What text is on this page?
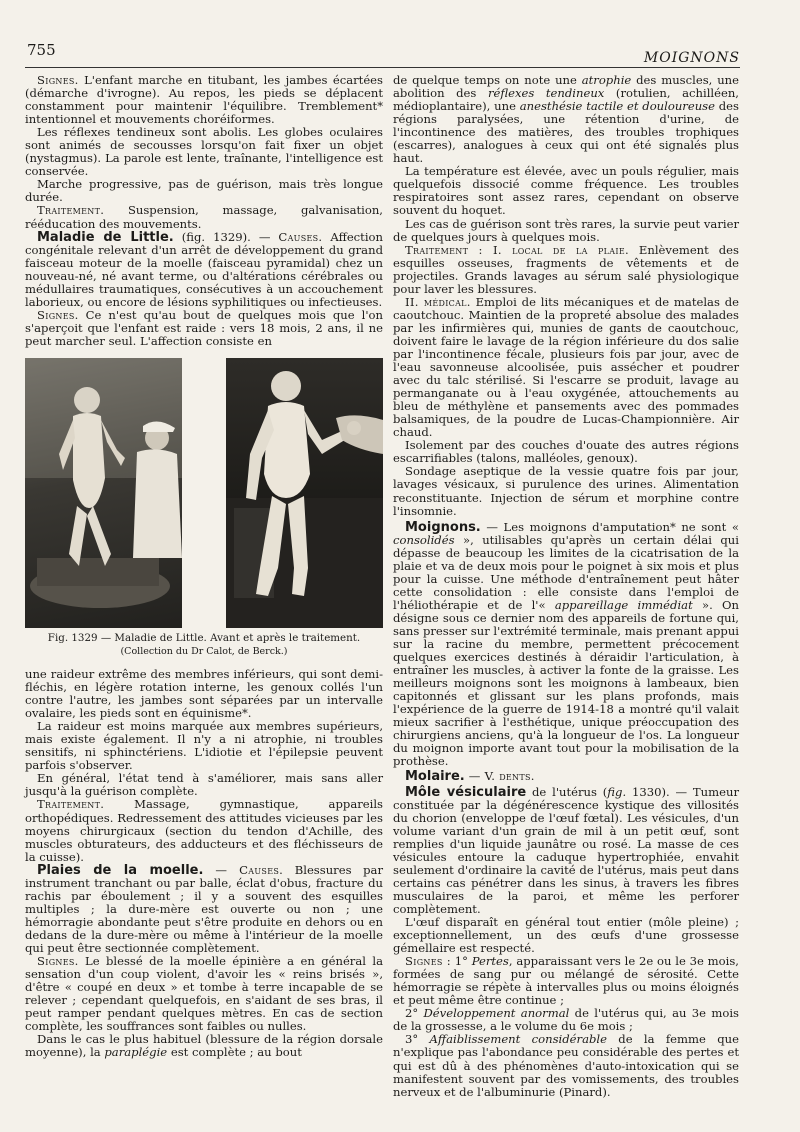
755	MOIGNONS

Signes. L'enfant marche en titubant, les jambes écartées (démarche d'ivrogne). Au repos, les pieds se déplacent constamment pour maintenir l'équilibre. Tremblement* intentionnel et mouvements choréiformes.

Les réflexes tendineux sont abolis. Les globes oculaires sont animés de secousses lorsqu'on fait fixer un objet (nystagmus). La parole est lente, traînante, l'intelligence est conservée.

Marche progressive, pas de guérison, mais très longue durée.

Traitement. Suspension, massage, galvanisation, rééducation des mouvements.

Maladie de Little. (fig. 1329). — Causes. Affection congénitale relevant d'un arrêt de développement du grand faisceau moteur de la moelle (faisceau pyramidal) chez un nouveau-né, né avant terme, ou d'altérations cérébrales ou médullaires traumatiques, consécutives à un accouchement laborieux, ou encore de lésions syphilitiques ou infectieuses.

Signes. Ce n'est qu'au bout de quelques mois que l'on s'aperçoit que l'enfant est raide : vers 18 mois, 2 ans, il ne peut marcher seul. L'affection consiste en

Fig. 1329 — Maladie de Little. Avant et après le traitement.
(Collection du Dr Calot, de Berck.)

une raideur extrême des membres inférieurs, qui sont demi-fléchis, en légère rotation interne, les genoux collés l'un contre l'autre, les jambes sont séparées par un intervalle ovalaire, les pieds sont en équinisme*.

La raideur est moins marquée aux membres supérieurs, mais existe également. Il n'y a ni atrophie, ni troubles sensitifs, ni sphinctériens. L'idiotie et l'épilepsie peuvent parfois s'observer.

En général, l'état tend à s'améliorer, mais sans aller jusqu'à la guérison complète.

Traitement. Massage, gymnastique, appareils orthopédiques. Redressement des attitudes vicieuses par les moyens chirurgicaux (section du tendon d'Achille, des muscles obturateurs, des adducteurs et des fléchisseurs de la cuisse).

Plaies de la moelle. — Causes. Blessures par instrument tranchant ou par balle, éclat d'obus, fracture du rachis par éboulement ; il y a souvent des esquilles multiples ; la dure-mère est ouverte ou non ; une hémorragie abondante peut s'être produite en dehors ou en dedans de la dure-mère ou même à l'intérieur de la moelle qui peut être sectionnée complètement.

Signes. Le blessé de la moelle épinière a en général la sensation d'un coup violent, d'avoir les « reins brisés », d'être « coupé en deux » et tombe à terre incapable de se relever ; cependant quelquefois, en s'aidant de ses bras, il peut ramper pendant quelques mètres. En cas de section complète, les souffrances sont faibles ou nulles.

Dans le cas le plus habituel (blessure de la région dorsale moyenne), la paraplégie est complète ; au bout

de quelque temps on note une atrophie des muscles, une abolition des réflexes tendineux (rotulien, achilléen, médioplantaire), une anesthésie tactile et douloureuse des régions paralysées, une rétention d'urine, de l'incontinence des matières, des troubles trophiques (escarres), analogues à ceux qui ont été signalés plus haut.

La température est élevée, avec un pouls régulier, mais quelquefois dissocié comme fréquence. Les troubles respiratoires sont assez rares, cependant on observe souvent du hoquet.

Les cas de guérison sont très rares, la survie peut varier de quelques jours à quelques mois.

Traitement : I. local de la plaie. Enlèvement des esquilles osseuses, fragments de vêtements et de projectiles. Grands lavages au sérum salé physiologique pour laver les blessures.

II. médical. Emploi de lits mécaniques et de matelas de caoutchouc. Maintien de la propreté absolue des malades par les infirmières qui, munies de gants de caoutchouc, doivent faire le lavage de la région inférieure du dos salie par l'incontinence fécale, plusieurs fois par jour, avec de l'eau savonneuse alcoolisée, puis assécher et poudrer avec du talc stérilisé. Si l'escarre se produit, lavage au permanganate ou à l'eau oxygénée, attouchements au bleu de méthylène et pansements avec des pommades balsamiques, de la poudre de Lucas-Championnière. Air chaud.

Isolement par des couches d'ouate des autres régions escarrifiables (talons, malléoles, genoux).

Sondage aseptique de la vessie quatre fois par jour, lavages vésicaux, si purulence des urines. Alimentation reconstituante. Injection de sérum et morphine contre l'insomnie.

Moignons. — Les moignons d'amputation* ne sont « consolidés », utilisables qu'après un certain délai qui dépasse de beaucoup les limites de la cicatrisation de la plaie et va de deux mois pour le poignet à six mois et plus pour la cuisse. Une méthode d'entraînement peut hâter cette consolidation : elle consiste dans l'emploi de l'héliothérapie et de l'« appareillage immédiat ». On désigne sous ce dernier nom des appareils de fortune qui, sans presser sur l'extrémité terminale, mais prenant appui sur la racine du membre, permettent précocement quelques exercices destinés à déraidir l'articulation, à entraîner les muscles, à activer la fonte de la graisse. Les meilleurs moignons sont les moignons à lambeaux, bien capitonnés et glissant sur les plans profonds, mais l'expérience de la guerre de 1914-18 a montré qu'il valait mieux sacrifier à l'esthétique, unique préoccupation des chirurgiens anciens, qu'à la longueur de l'os. La longueur du moignon importe avant tout pour la mobilisation de la prothèse.

Molaire. — V. dents.

Môle vésiculaire de l'utérus (fig. 1330). — Tumeur constituée par la dégénérescence kystique des villosités du chorion (enveloppe de l'œuf fœtal). Les vésicules, d'un volume variant d'un grain de mil à un petit œuf, sont remplies d'un liquide jaunâtre ou rosé. La masse de ces vésicules entoure la caduque hypertrophiée, envahit seulement d'ordinaire la cavité de l'utérus, mais peut dans certains cas pénétrer dans les sinus, à travers les fibres musculaires de la paroi, et même les perforer complètement.

L'œuf disparaît en général tout entier (môle pleine) ; exceptionnellement, un des œufs d'une grossesse gémellaire est respecté.

Signes : 1° Pertes, apparaissant vers le 2e ou le 3e mois, formées de sang pur ou mélangé de sérosité. Cette hémorragie se répète à intervalles plus ou moins éloignés et peut même être continue ;

2° Développement anormal de l'utérus qui, au 3e mois de la grossesse, a le volume du 6e mois ;

3° Affaiblissement considérable de la femme que n'explique pas l'abondance peu considérable des pertes et qui est dû à des phénomènes d'auto-intoxication qui se manifestent souvent par des vomissements, des troubles nerveux et de l'albuminurie (Pinard).
